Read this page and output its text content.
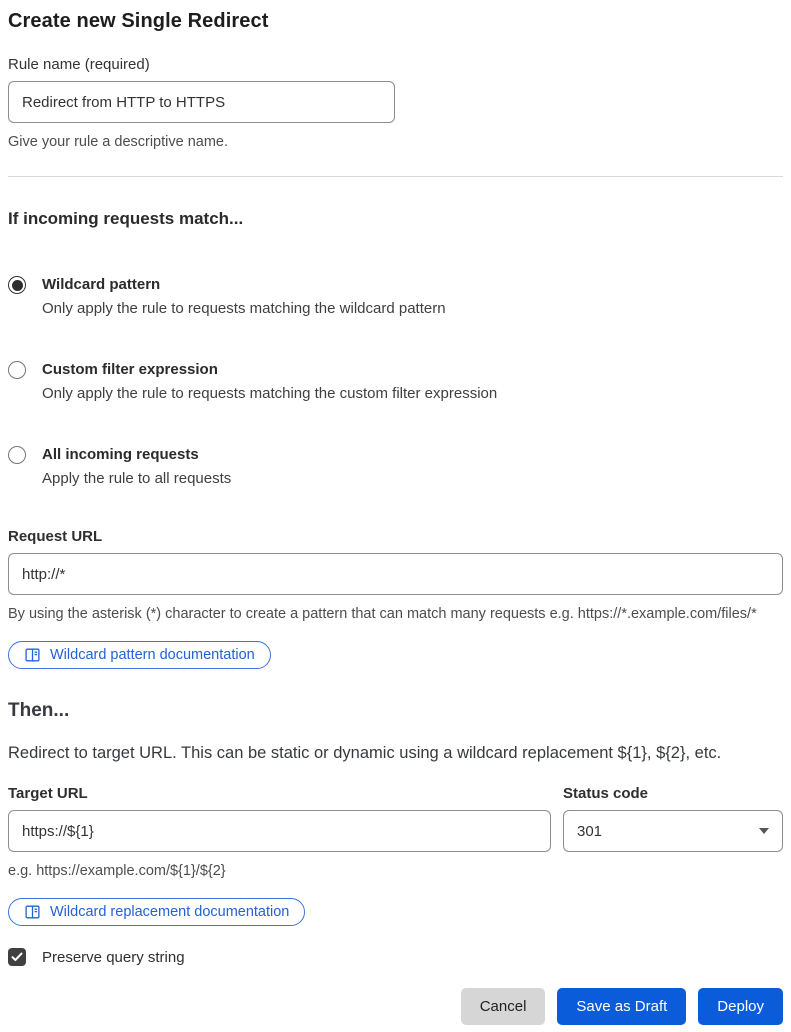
Create new Single Redirect
Rule name (required)
Redirect from HTTP to HTTPS
Give your rule a descriptive name.
If incoming requests match...
Wildcard pattern
Only apply the rule to requests matching the wildcard pattern
Custom filter expression
Only apply the rule to requests matching the custom filter expression
All incoming requests
Apply the rule to all requests
Request URL
http://*
By using the asterisk (*) character to create a pattern that can match many requests e.g. https://*.example.com/files/*
Wildcard pattern documentation
Then...

Redirect to target URL. This can be static or dynamic using a wildcard replacement ${1}, ${2}, etc.

Target URL
https://${1}	Status code
301
e.g. https://example.com/${1}/${2}
Wildcard replacement documentation
Preserve query string
Cancel	Save as Draft	Deploy
